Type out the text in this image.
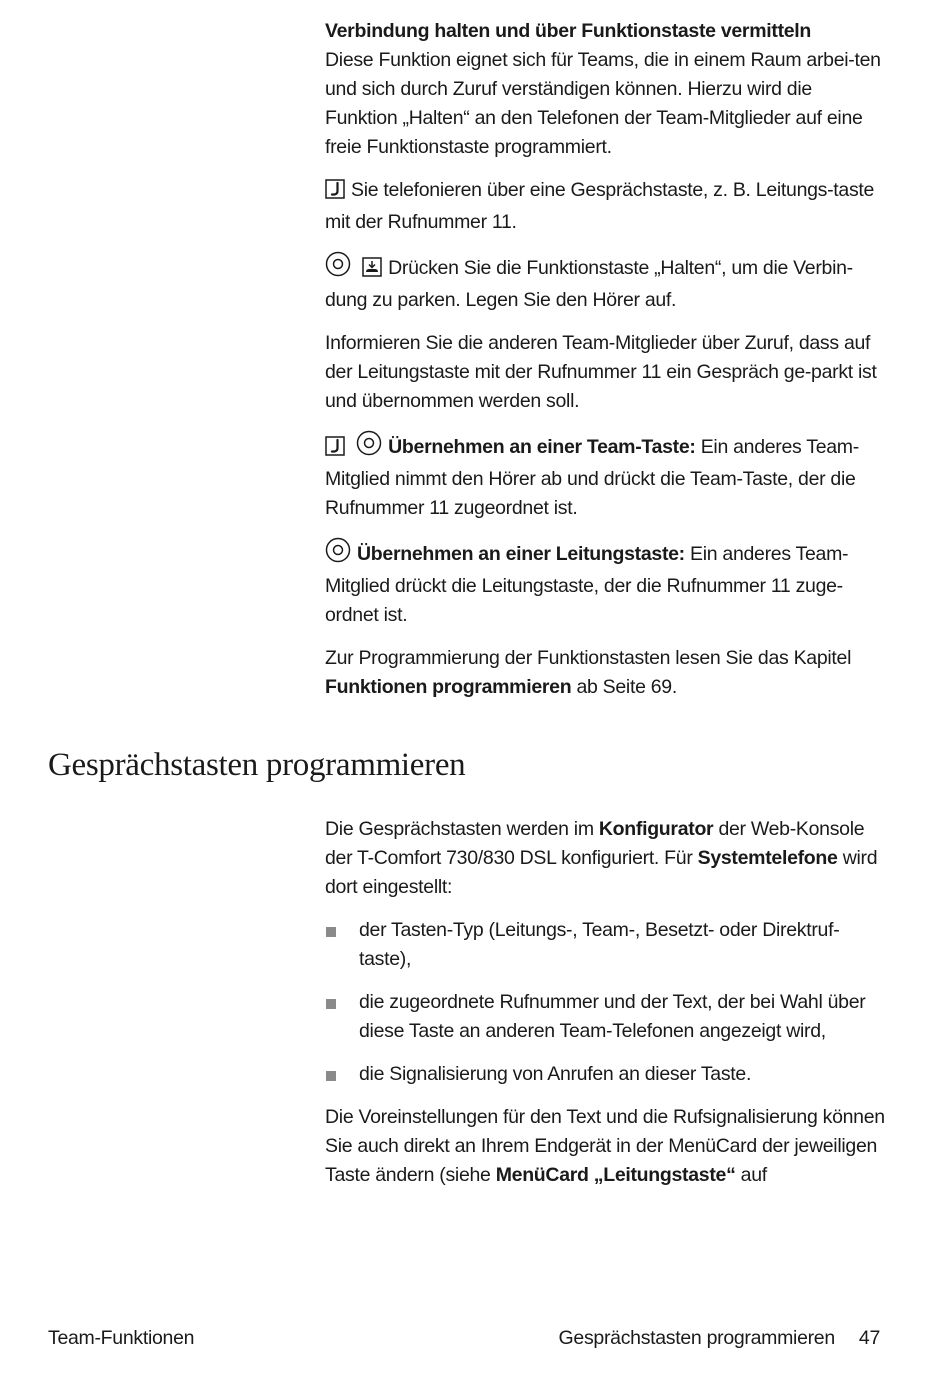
Verbindung halten und über Funktionstaste vermitteln

Diese Funktion eignet sich für Teams, die in einem Raum arbei-ten und sich durch Zuruf verständigen können. Hierzu wird die Funktion „Halten“ an den Telefonen der Team-Mitglieder auf eine freie Funktionstaste programmiert.

Sie telefonieren über eine Gesprächstaste, z. B. Leitungs-taste mit der Rufnummer 11.

Drücken Sie die Funktionstaste „Halten“, um die Verbin-dung zu parken. Legen Sie den Hörer auf.

Informieren Sie die anderen Team-Mitglieder über Zuruf, dass auf der Leitungstaste mit der Rufnummer 11 ein Gespräch ge-parkt ist und übernommen werden soll.

Übernehmen an einer Team-Taste: Ein anderes Team-Mitglied nimmt den Hörer ab und drückt die Team-Taste, der die Rufnummer 11 zugeordnet ist.

Übernehmen an einer Leitungstaste: Ein anderes Team-Mitglied drückt die Leitungstaste, der die Rufnummer 11 zuge-ordnet ist.

Zur Programmierung der Funktionstasten lesen Sie das Kapitel Funktionen programmieren ab Seite 69.

Gesprächstasten programmieren

Die Gesprächstasten werden im Konfigurator der Web-Konsole der T-Comfort 730/830 DSL konfiguriert. Für Systemtelefone wird dort eingestellt:

der Tasten-Typ (Leitungs-, Team-, Besetzt- oder Direktruf-taste),
die zugeordnete Rufnummer und der Text, der bei Wahl über diese Taste an anderen Team-Telefonen angezeigt wird,
die Signalisierung von Anrufen an dieser Taste.

Die Voreinstellungen für den Text und die Rufsignalisierung können Sie auch direkt an Ihrem Endgerät in der MenüCard der jeweiligen Taste ändern (siehe MenüCard „Leitungstaste“ auf

Team-Funktionen	Gesprächstasten programmieren 47
